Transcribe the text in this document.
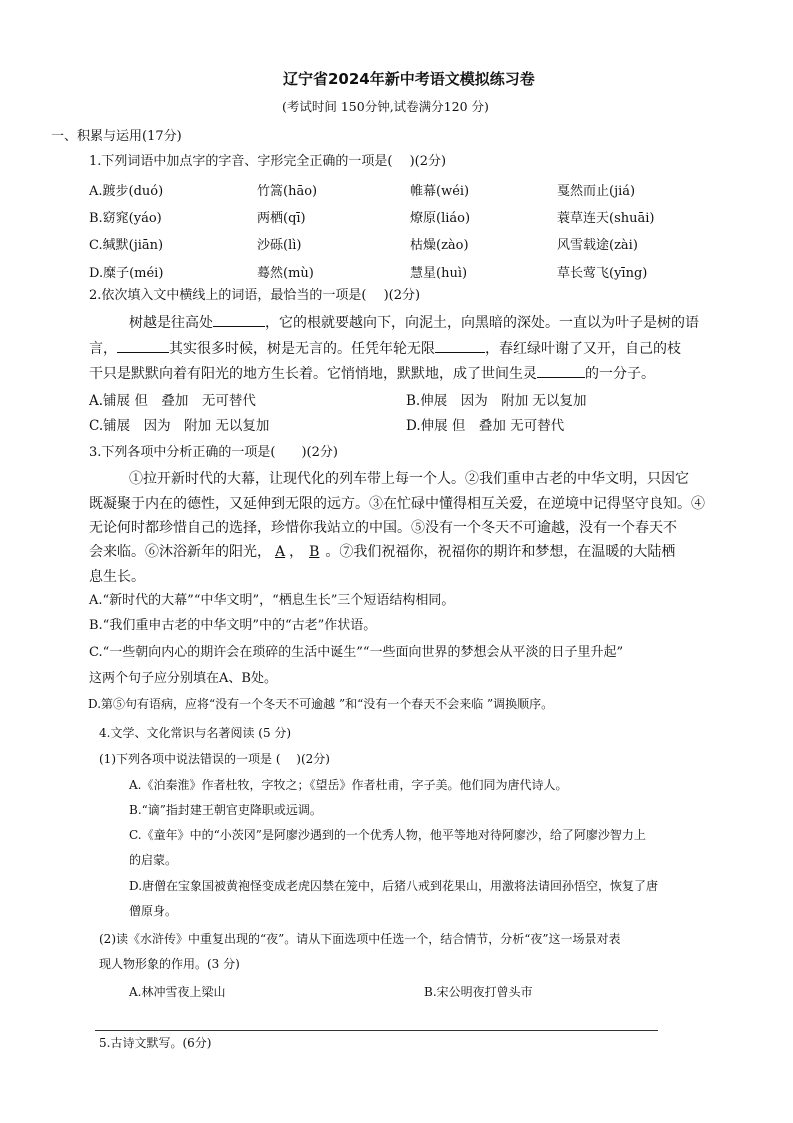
辽宁省2024年新中考语文模拟练习卷
(考试时间 150分钟,试卷满分120 分)
一、积累与运用(17分)
1.下列词语中加点字的字音、字形完全正确的一项是(　 )(2分)
A.踱步(duó)	竹篙(hāo)	帷幕(wéi)	戛然而止(jiá)
B.窈窕(yáo)	两栖(qī)	燎原(liáo)	蓑草连天(shuāi)
C.缄默(jiān)	沙砾(lì)	枯燥(zào)	风雪载途(zài)
D.糜子(méi)	蓦然(mù)	慧星(huì)	草长莺飞(yīng)
2.依次填入文中横线上的词语，最恰当的一项是(　 )(2分)
树越是往高处	，它的根就要越向下，向泥土，向黑暗的深处。一直以为叶子是树的语
言，	其实很多时候，树是无言的。任凭年轮无限	，春红绿叶谢了又开，自己的枝
干只是默默向着有阳光的地方生长着。它悄悄地，默默地，成了世间生灵	的一分子。
A.铺展 但　叠加　无可替代	B.伸展　因为　附加 无以复加
C.铺展　因为　附加 无以复加	D.伸展 但　叠加 无可替代
3.下列各项中分析正确的一项是(　　)(2分)
①拉开新时代的大幕，让现代化的列车带上每一个人。②我们重申古老的中华文明，只因它
既凝聚于内在的德性，又延伸到无限的远方。③在忙碌中懂得相互关爱，在逆境中记得坚守良知。④
无论何时都珍惜自己的选择，珍惜你我站立的中国。⑤没有一个冬天不可逾越，没有一个春天不
会来临。⑥沐浴新年的阳光， A ， B 。⑦我们祝福你，祝福你的期许和梦想，在温暖的大陆栖
息生长。
A.“新时代的大幕”“中华文明”，“栖息生长”三个短语结构相同。
B.“我们重申古老的中华文明”中的“古老”作状语。
C.“一些朝向内心的期许会在琐碎的生活中诞生”“一些面向世界的梦想会从平淡的日子里升起”
这两个句子应分别填在A、B处。
D.第⑤句有语病，应将“没有一个冬天不可逾越 ”和“没有一个春天不会来临 ”调换顺序。
4.文学、文化常识与名著阅读 (5 分)
(1)下列各项中说法错误的一项是 (　 )(2分)
A.《泊秦淮》作者杜牧，字牧之；《望岳》作者杜甫，字子美。他们同为唐代诗人。
B.“谪”指封建王朝官吏降职或远调。
C.《童年》中的“小茨冈”是阿廖沙遇到的一个优秀人物，他平等地对待阿廖沙，给了阿廖沙智力上
的启蒙。
D.唐僧在宝象国被黄袍怪变成老虎囚禁在笼中，后猪八戒到花果山，用激将法请回孙悟空，恢复了唐
僧原身。
(2)读《水浒传》中重复出现的“夜”。请从下面选项中任选一个，结合情节，分析“夜”这一场景对表
现人物形象的作用。(3 分)
A.林冲雪夜上梁山	B.宋公明夜打曾头市
5.古诗文默写。(6分)
